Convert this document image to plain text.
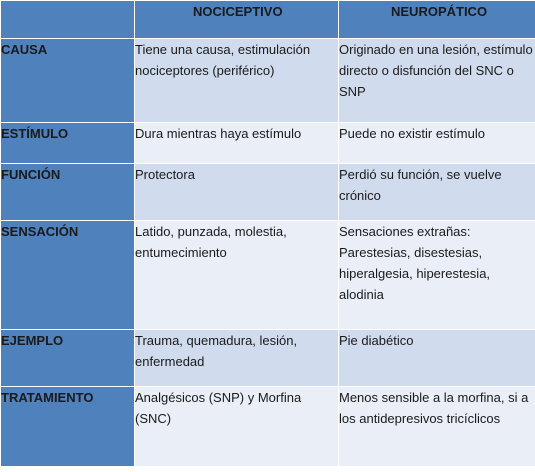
	NOCICEPTIVO	NEUROPÁTICO

CAUSA	Tiene una causa, estimulación nociceptores (periférico)	Originado en una lesión, estímulo directo o disfunción del SNC o SNP
ESTÍMULO	Dura mientras haya estímulo	Puede no existir estímulo
FUNCIÓN	Protectora	Perdió su función, se vuelve crónico
SENSACIÓN	Latido, punzada, molestia, entumecimiento	Sensaciones extrañas: Parestesias, disestesias, hiperalgesia, hiperestesia, alodinia
EJEMPLO	Trauma, quemadura, lesión, enfermedad	Pie diabético
TRATAMIENTO	Analgésicos (SNP) y Morfina (SNC)	Menos sensible a la morfina, si a los antidepresivos tricíclicos
